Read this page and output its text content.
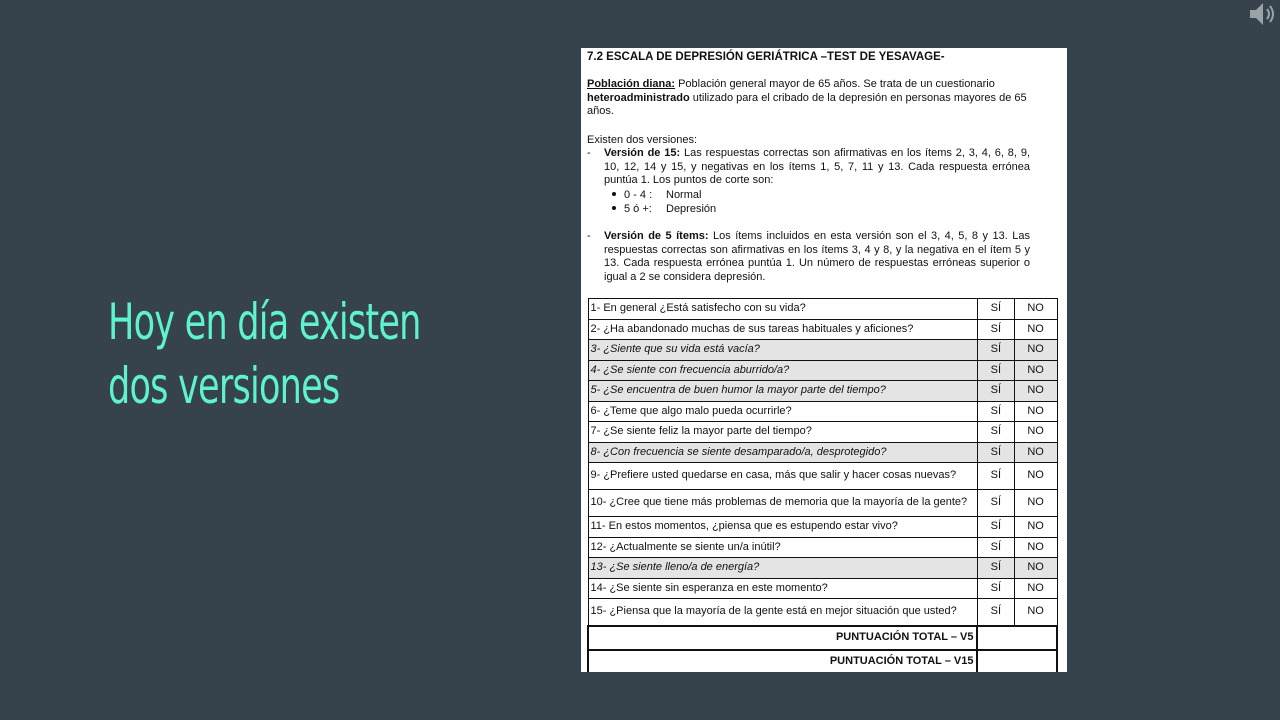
Hoy en día existen
dos versiones
7.2 ESCALA DE DEPRESIÓN GERIÁTRICA –TEST DE YESAVAGE-
Población diana: Población general mayor de 65 años. Se trata de un cuestionario heteroadministrado utilizado para el cribado de la depresión en personas mayores de 65 años.
Existen dos versiones:
- Versión de 15: Las respuestas correctas son afirmativas en los ítems 2, 3, 4, 6, 8, 9, 10, 12, 14 y 15, y negativas en los ítems 1, 5, 7, 11 y 13. Cada respuesta errónea puntúa 1. Los puntos de corte son:
0 - 4 : Normal
5 ó +: Depresión
- Versión de 5 ítems: Los ítems incluidos en esta versión son el 3, 4, 5, 8 y 13. Las respuestas correctas son afirmativas en los ítems 3, 4 y 8, y la negativa en el ítem 5 y 13. Cada respuesta errónea puntúa 1. Un número de respuestas erróneas superior o igual a 2 se considera depresión.
1- En general ¿Está satisfecho con su vida?	SÍ	NO
2- ¿Ha abandonado muchas de sus tareas habituales y aficiones?	SÍ	NO
3- ¿Siente que su vida está vacía?	SÍ	NO
4- ¿Se siente con frecuencia aburrido/a?	SÍ	NO
5- ¿Se encuentra de buen humor la mayor parte del tiempo?	SÍ	NO
6- ¿Teme que algo malo pueda ocurrirle?	SÍ	NO
7- ¿Se siente feliz la mayor parte del tiempo?	SÍ	NO
8- ¿Con frecuencia se siente desamparado/a, desprotegido?	SÍ	NO
9- ¿Prefiere usted quedarse en casa, más que salir y hacer cosas nuevas?	SÍ	NO
10- ¿Cree que tiene más problemas de memoria que la mayoría de la gente?	SÍ	NO
11- En estos momentos, ¿piensa que es estupendo estar vivo?	SÍ	NO
12- ¿Actualmente se siente un/a inútil?	SÍ	NO
13- ¿Se siente lleno/a de energía?	SÍ	NO
14- ¿Se siente sin esperanza en este momento?	SÍ	NO
15- ¿Piensa que la mayoría de la gente está en mejor situación que usted?	SÍ	NO
PUNTUACIÓN TOTAL – V5		
PUNTUACIÓN TOTAL – V15		
